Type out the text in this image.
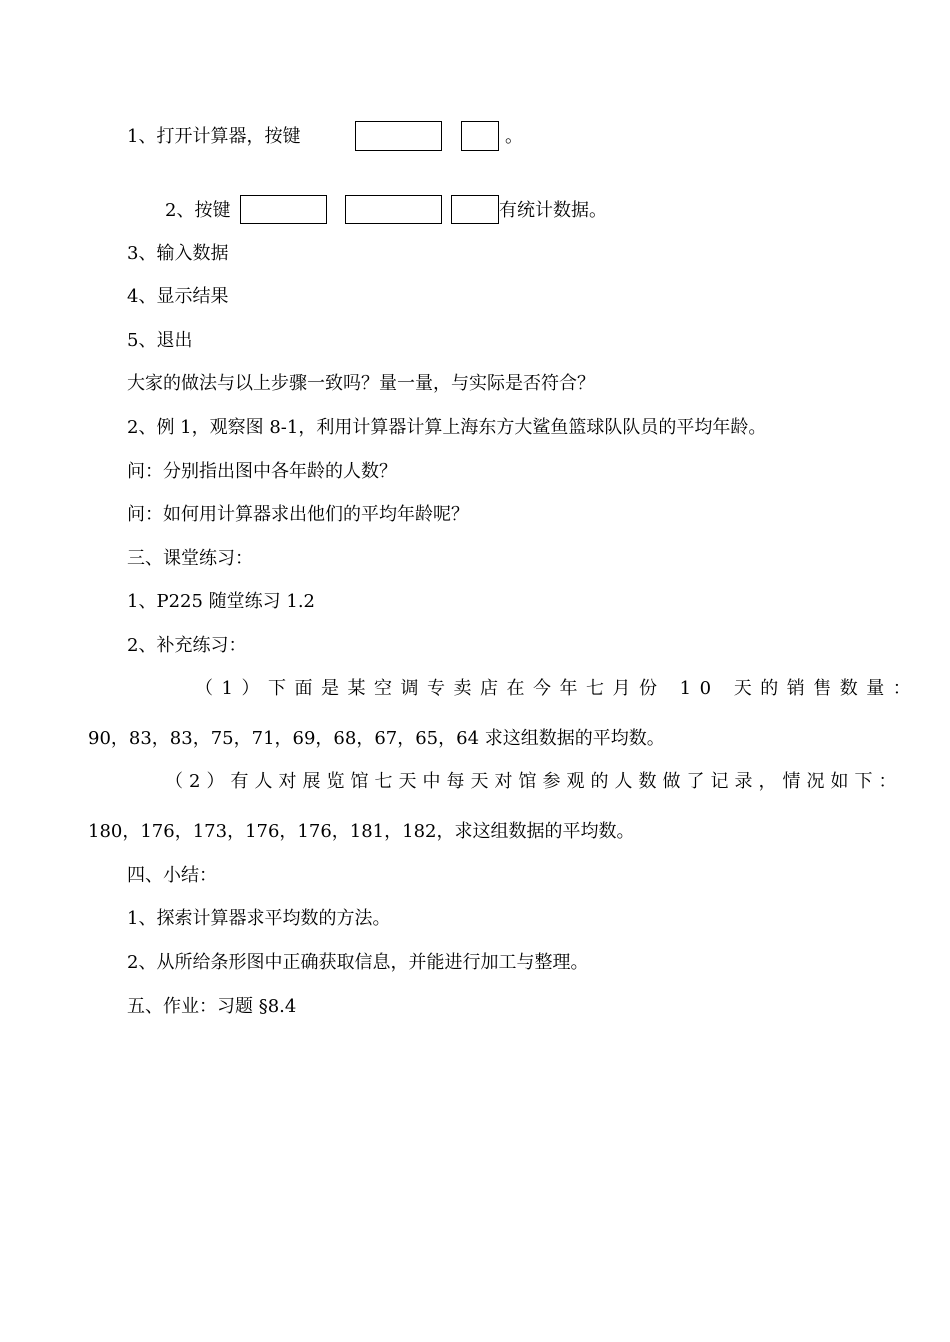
1、打开计算器，按键	。
2、按键	有统计数据。
3、输入数据
4、显示结果
5、退出
大家的做法与以上步骤一致吗？量一量，与实际是否符合？
2、例 1，观察图 8-1，利用计算器计算上海东方大鲨鱼篮球队队员的平均年龄。
问：分别指出图中各年龄的人数？
问：如何用计算器求出他们的平均年龄呢？
三、课堂练习：
1、P225 随堂练习 1.2
2、补充练习：
（1）下面是某空调专卖店在今年七月份 10 天的销售数量：
90，83，83，75，71，69，68，67，65，64 求这组数据的平均数。
（2）有人对展览馆七天中每天对馆参观的人数做了记录，情况如下：
180，176，173，176，176，181，182，求这组数据的平均数。
四、小结：
1、探索计算器求平均数的方法。
2、从所给条形图中正确获取信息，并能进行加工与整理。
五、作业：习题 §8.4
